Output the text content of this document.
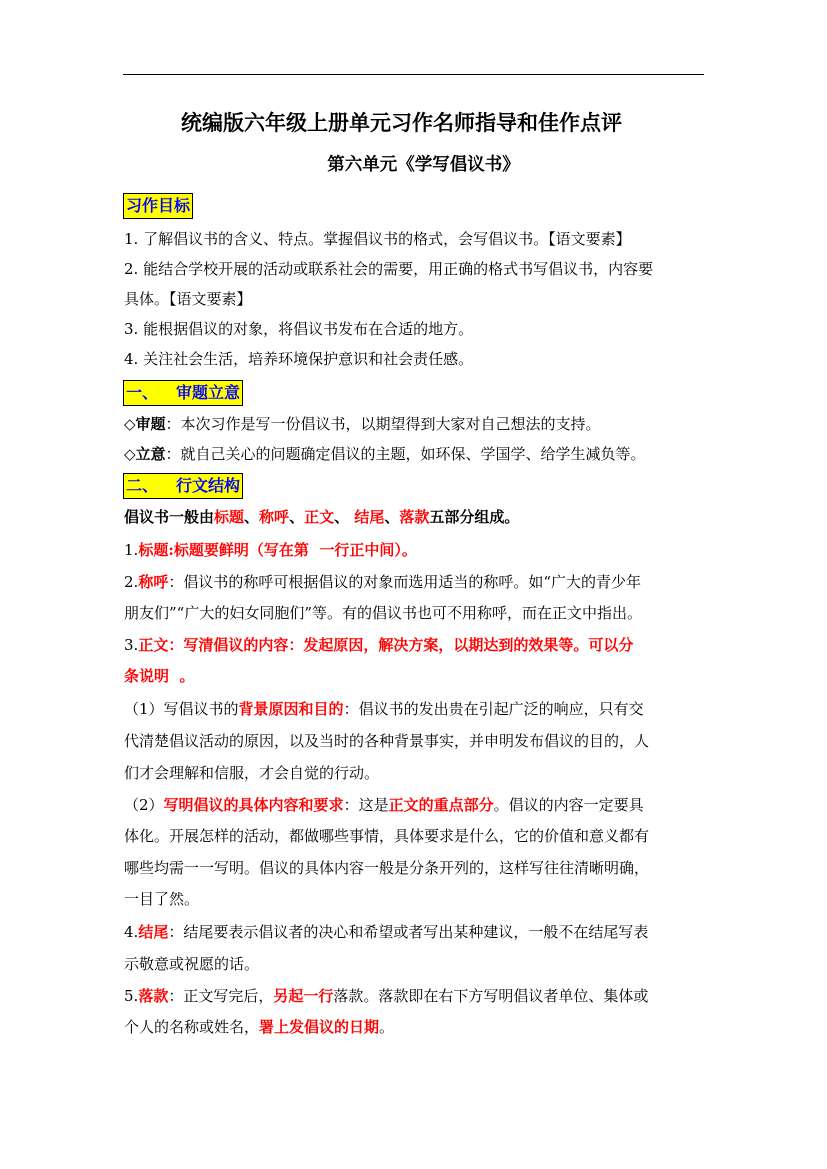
统编版六年级上册单元习作名师指导和佳作点评
第六单元《学写倡议书》
习作目标
1. 了解倡议书的含义、特点。掌握倡议书的格式，会写倡议书。【语文要素】
2. 能结合学校开展的活动或联系社会的需要，用正确的格式书写倡议书，内容要
具体。【语文要素】
3. 能根据倡议的对象，将倡议书发布在合适的地方。
4. 关注社会生活，培养环境保护意识和社会责任感。
一、 审题立意
◇审题：本次习作是写一份倡议书，以期望得到大家对自己想法的支持。
◇立意：就自己关心的问题确定倡议的主题，如环保、学国学、给学生减负等。
二、 行文结构
倡议书一般由标题、称呼、正文、 结尾、落款五部分组成。
1.标题:标题要鲜明（写在第  一行正中间）。
2.称呼：倡议书的称呼可根据倡议的对象而选用适当的称呼。如“广大的青少年
朋友们”“广大的妇女同胞们”等。有的倡议书也可不用称呼，而在正文中指出。
3.正文：写清倡议的内容：发起原因，解决方案，以期达到的效果等。可以分
条说明  。
（1）写倡议书的背景原因和目的：倡议书的发出贵在引起广泛的响应，只有交
代清楚倡议活动的原因，以及当时的各种背景事实，并申明发布倡议的目的，人
们才会理解和信服，才会自觉的行动。
（2）写明倡议的具体内容和要求：这是正文的重点部分。倡议的内容一定要具
体化。开展怎样的活动，都做哪些事情，具体要求是什么，它的价值和意义都有
哪些均需一一写明。倡议的具体内容一般是分条开列的，这样写往往清晰明确，
一目了然。
4.结尾：结尾要表示倡议者的决心和希望或者写出某种建议，一般不在结尾写表
示敬意或祝愿的话。
5.落款：正文写完后，另起一行落款。落款即在右下方写明倡议者单位、集体或
个人的名称或姓名，署上发倡议的日期。
